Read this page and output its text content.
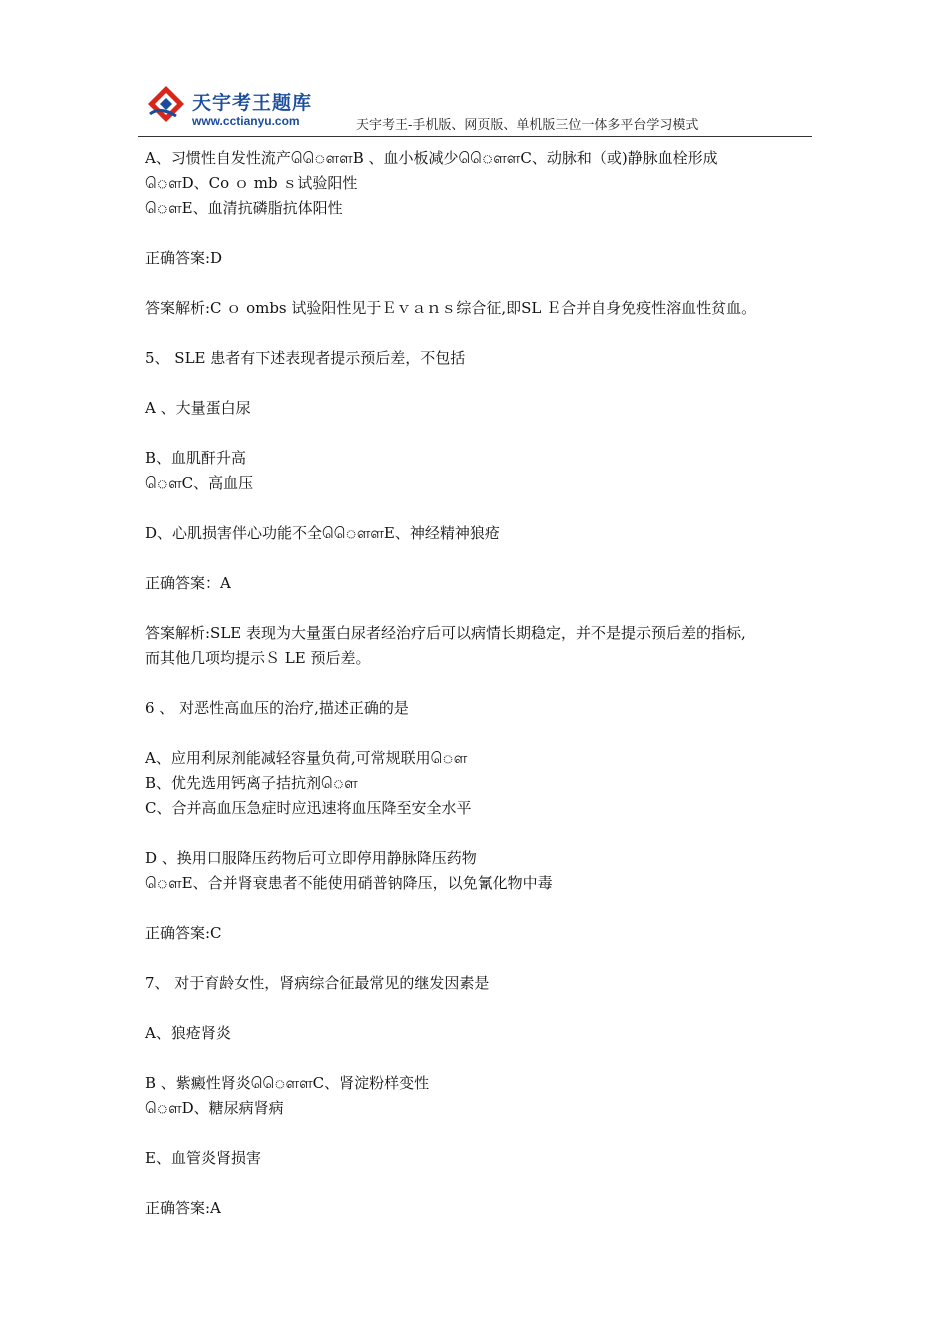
天宇考王题库
www.cctianyu.com	天宇考王-手机版、网页版、单机版三位一体多平台学习模式
A、习惯性自发性流产ௌௌB 、血小板减少ௌௌC、动脉和（或)静脉血栓形成
ௌD、Co ｏ mb ｓ试验阳性
ௌE、血清抗磷脂抗体阳性
正确答案:D
答案解析:C ｏ ombs 试验阳性见于Ｅｖａｎｓ综合征,即SL Ｅ合并自身免疫性溶血性贫血。
5、 SLE 患者有下述表现者提示预后差，不包括
A 、大量蛋白尿
B、血肌酐升高
ௌC、高血压
D、心肌损害伴心功能不全ௌௌE、神经精神狼疮
正确答案：A
答案解析:SLE 表现为大量蛋白尿者经治疗后可以病情长期稳定，并不是提示预后差的指标,
而其他几项均提示Ｓ LE 预后差。
6 、 对恶性高血压的治疗,描述正确的是
A、应用利尿剂能减轻容量负荷,可常规联用ௌ
B、优先选用钙离子拮抗剂ௌ
C、合并高血压急症时应迅速将血压降至安全水平
D 、换用口服降压药物后可立即停用静脉降压药物
ௌE、合并肾衰患者不能使用硝普钠降压，以免氰化物中毒
正确答案:C
7、 对于育龄女性，肾病综合征最常见的继发因素是
A、狼疮肾炎
B 、紫癜性肾炎ௌௌC、肾淀粉样变性
ௌD、糖尿病肾病
E、血管炎肾损害
正确答案:A
